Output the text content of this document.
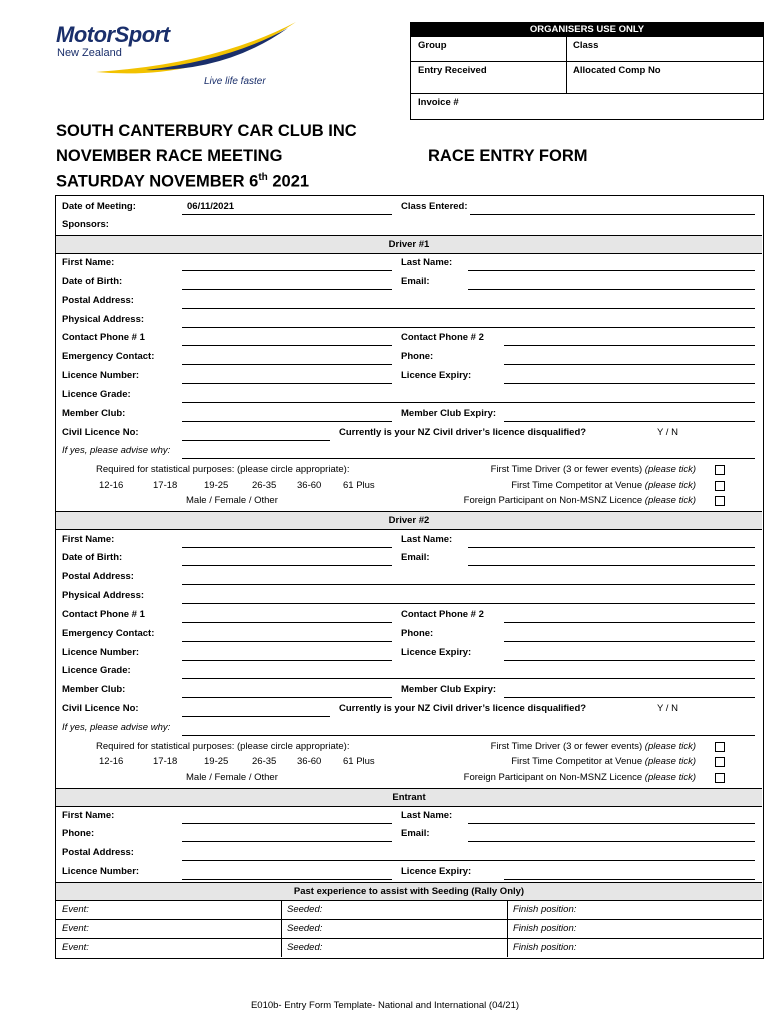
MotorSport
New Zealand
Live life faster
ORGANISERS USE ONLY
Group	Class
Entry Received	Allocated Comp No
Invoice #
SOUTH CANTERBURY CAR CLUB INC
NOVEMBER RACE MEETING
SATURDAY NOVEMBER 6th 2021
RACE ENTRY FORM
Date of Meeting:	06/11/2021	Class Entered:
Sponsors:
Driver #1
First Name:	Last Name:
Date of Birth:	Email:
Postal Address:
Physical Address:
Contact Phone # 1	Contact Phone # 2
Emergency Contact:	Phone:
Licence Number:	Licence Expiry:
Licence Grade:
Member Club:	Member Club Expiry:
Civil Licence No:	Currently is your NZ Civil driver’s licence disqualified?	Y / N
If yes, please advise why:
Required for statistical purposes: (please circle appropriate):
12-16	17-18	19-25 26-35 36-60 61 Plus
Male / Female / Other
First Time Driver (3 or fewer events) (please tick)
First Time Competitor at Venue (please tick)
Foreign Participant on Non-MSNZ Licence (please tick)
Driver #2
First Name:	Last Name:
Date of Birth:	Email:
Postal Address:
Physical Address:
Contact Phone # 1	Contact Phone # 2
Emergency Contact:	Phone:
Licence Number:	Licence Expiry:
Licence Grade:
Member Club:	Member Club Expiry:
Civil Licence No:	Currently is your NZ Civil driver’s licence disqualified?	Y / N
If yes, please advise why:
Required for statistical purposes: (please circle appropriate):
12-16	17-18	19-25 26-35 36-60 61 Plus
Male / Female / Other
First Time Driver (3 or fewer events) (please tick)
First Time Competitor at Venue (please tick)
Foreign Participant on Non-MSNZ Licence (please tick)
Entrant
First Name:	Last Name:
Phone:	Email:
Postal Address:
Licence Number:	Licence Expiry:
Past experience to assist with Seeding (Rally Only)
Event:	Seeded:	Finish position:
Event:	Seeded:	Finish position:
Event:	Seeded:	Finish position:
E010b- Entry Form Template- National and International (04/21)
